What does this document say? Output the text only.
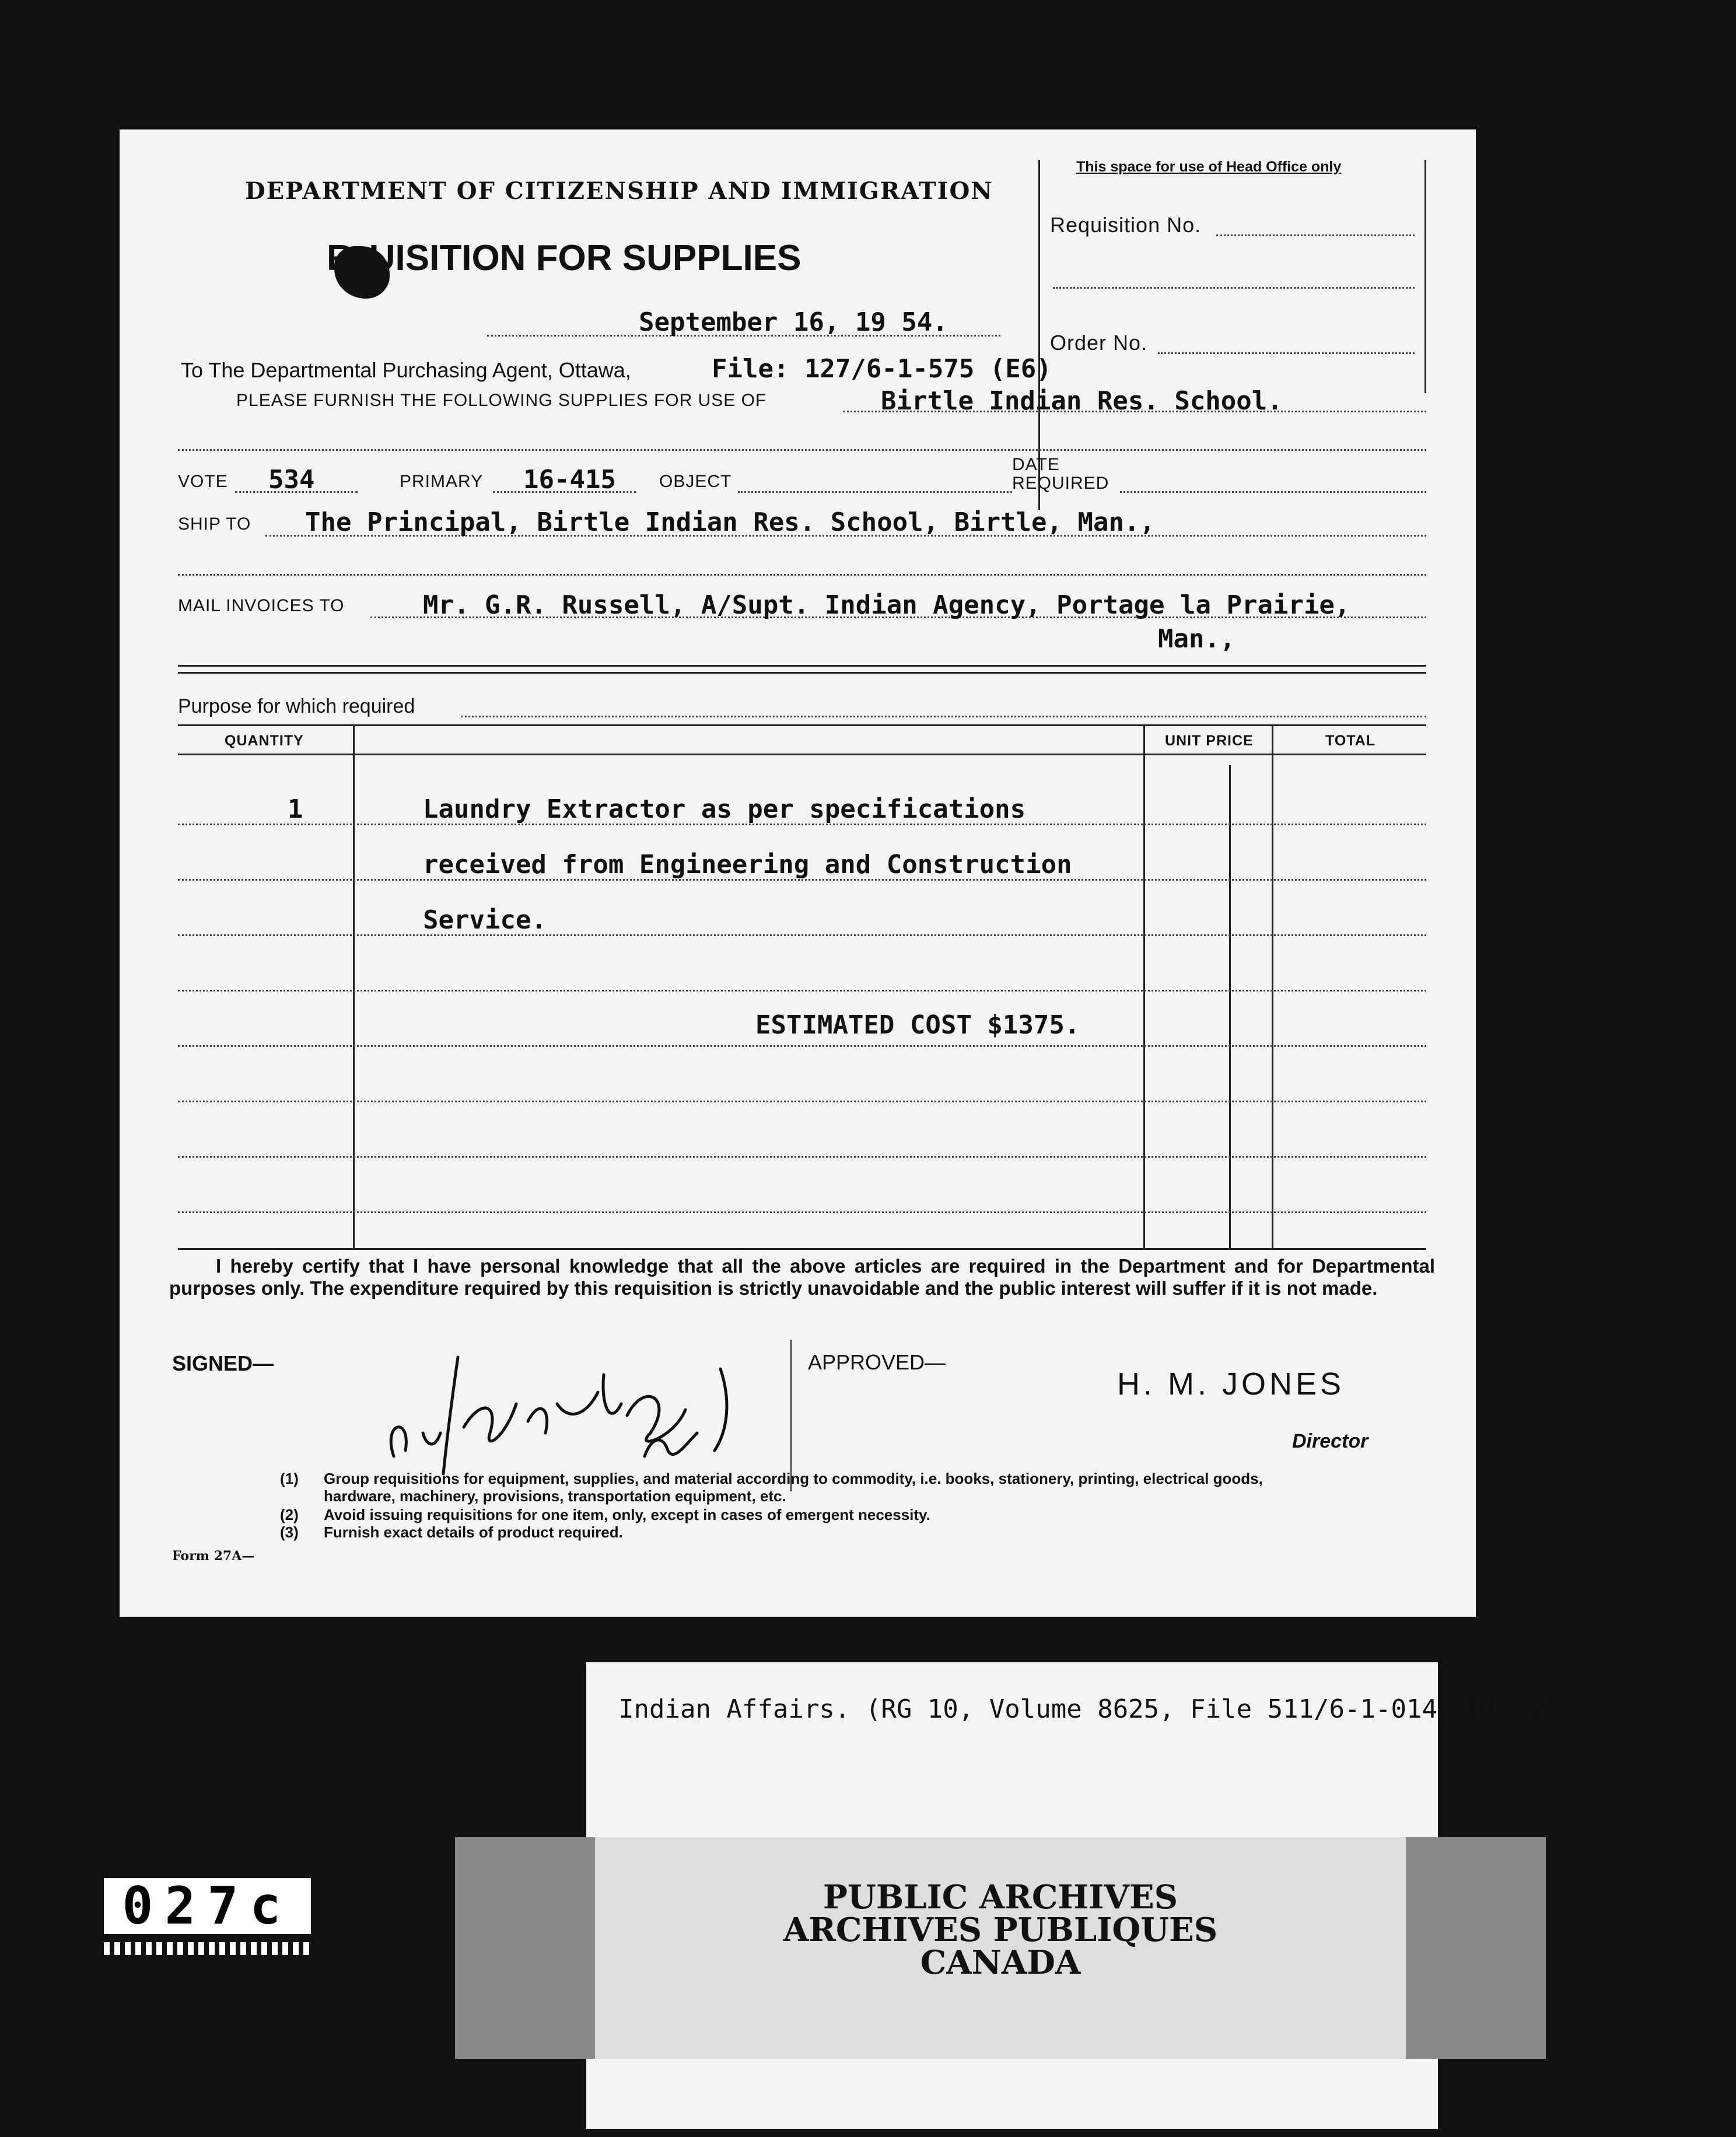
This space for use of Head Office only
Requisition No.
Order No.
DEPARTMENT OF CITIZENSHIP AND IMMIGRATION
R UISITION FOR SUPPLIES
September 16, 19 54.
To The Departmental Purchasing Agent, Ottawa,	File: 127/6-1-575 (E6)
PLEASE FURNISH THE FOLLOWING SUPPLIES FOR USE OF	Birtle Indian Res. School.
VOTE 534	PRIMARY 16-415 OBJECT
DATE
REQUIRED
SHIP TO The Principal, Birtle Indian Res. School, Birtle, Man.,
MAIL INVOICES TO	Mr. G.R. Russell, A/Supt. Indian Agency, Portage la Prairie,
Man.,
Purpose for which required
QUANTITY	UNIT PRICE	TOTAL
1	Laundry Extractor as per specifications
received from Engineering and Construction
Service.
ESTIMATED COST $1375.
I hereby certify that I have personal knowledge that all the above articles are required in the Department and for Departmental purposes only. The expenditure required by this requisition is strictly unavoidable and the public interest will suffer if it is not made.
SIGNED—	APPROVED—
H. M. JONES
Director
(1) Group requisitions for equipment, supplies, and material according to commodity, i.e. books, stationery, printing, electrical goods, hardware, machinery, provisions, transportation equipment, etc.
(2) Avoid issuing requisitions for one item, only, except in cases of emergent necessity.
(3) Furnish exact details of product required.
Form 27A—
Indian Affairs. (RG 10, Volume 8625, File 511/6-1-014, Pt. 2)
PUBLIC ARCHIVES
ARCHIVES PUBLIQUES
CANADA
027c
